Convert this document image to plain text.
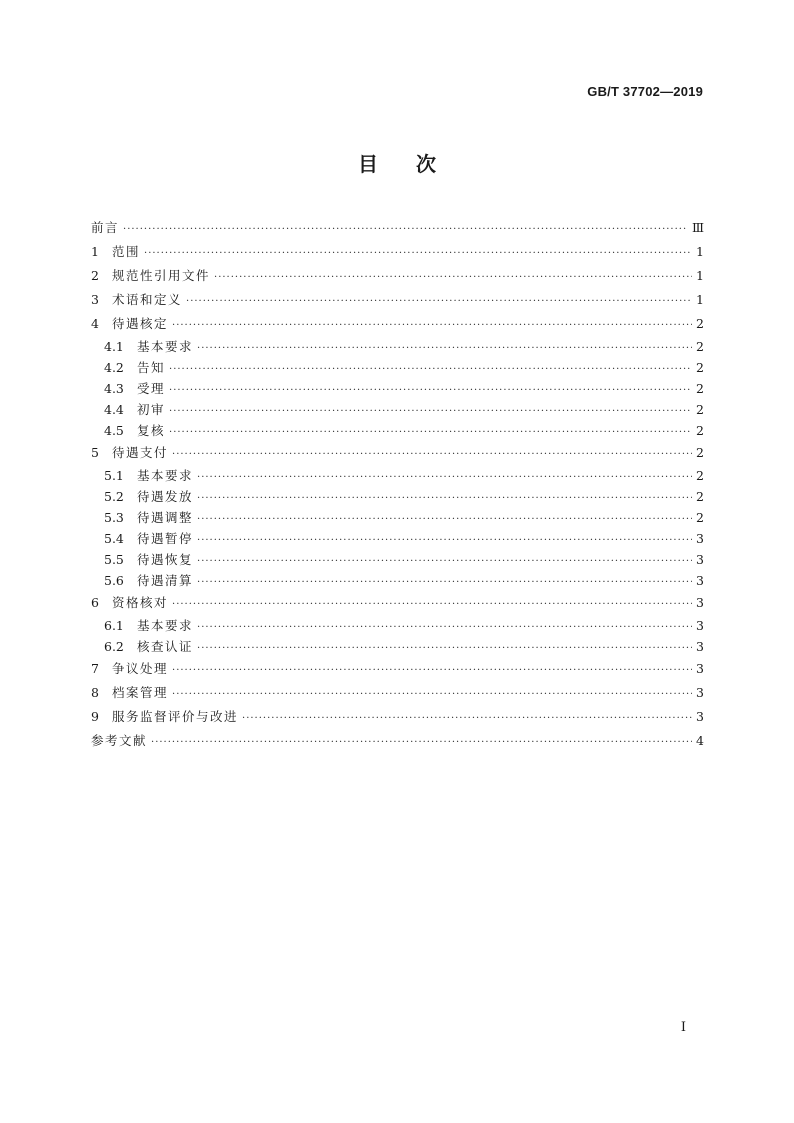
GB/T 37702—2019
目 次
前言 ·····	Ⅲ
1	范围 ·····	1
2	规范性引用文件 ·····	1
3	术语和定义 ·····	1
4	待遇核定 ·····	2
4.1	基本要求 ·····	2
4.2	告知 ·····	2
4.3	受理 ·····	2
4.4	初审 ·····	2
4.5	复核 ·····	2
5	待遇支付 ·····	2
5.1	基本要求 ·····	2
5.2	待遇发放 ·····	2
5.3	待遇调整 ·····	2
5.4	待遇暂停 ·····	3
5.5	待遇恢复 ·····	3
5.6	待遇清算 ·····	3
6	资格核对 ·····	3
6.1	基本要求 ·····	3
6.2	核查认证 ·····	3
7	争议处理 ·····	3
8	档案管理 ·····	3
9	服务监督评价与改进 ·····	3
参考文献 ·····	4
I
